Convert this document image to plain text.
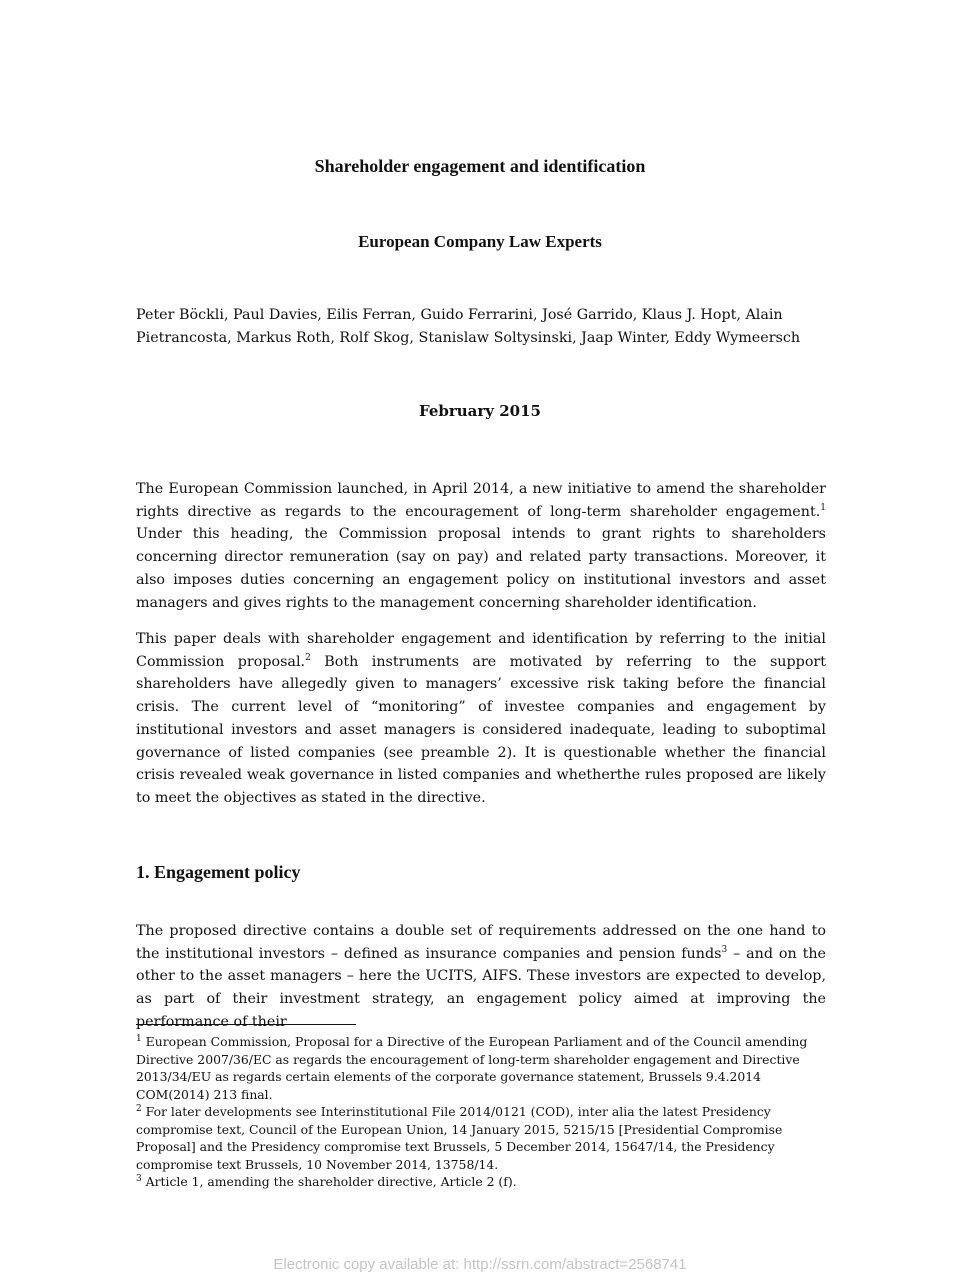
Shareholder engagement and identification
European Company Law Experts
Peter Böckli, Paul Davies, Eilis Ferran, Guido Ferrarini, José Garrido, Klaus J. Hopt, Alain Pietrancosta, Markus Roth, Rolf Skog, Stanislaw Soltysinski, Jaap Winter, Eddy Wymeersch
February 2015

The European Commission launched, in April 2014, a new initiative to amend the shareholder rights directive as regards to the encouragement of long-term shareholder engagement.$^1$ Under this heading, the Commission proposal intends to grant rights to shareholders concerning director remuneration (say on pay) and related party transactions. Moreover, it also imposes duties concerning an engagement policy on institutional investors and asset managers and gives rights to the management concerning shareholder identification.

This paper deals with shareholder engagement and identification by referring to the initial Commission proposal.$^2$ Both instruments are motivated by referring to the support shareholders have allegedly given to managers’ excessive risk taking before the financial crisis. The current level of “monitoring” of investee companies and engagement by institutional investors and asset managers is considered inadequate, leading to suboptimal governance of listed companies (see preamble 2). It is questionable whether the financial crisis revealed weak governance in listed companies and whetherthe rules proposed are likely to meet the objectives as stated in the directive.

1. Engagement policy

The proposed directive contains a double set of requirements addressed on the one hand to the institutional investors – defined as insurance companies and pension funds$^3$ – and on the other to the asset managers – here the UCITS, AIFS. These investors are expected to develop, as part of their investment strategy, an engagement policy aimed at improving the performance of their

$^1$ European Commission, Proposal for a Directive of the European Parliament and of the Council amending Directive 2007/36/EC as regards the encouragement of long-term shareholder engagement and Directive 2013/34/EU as regards certain elements of the corporate governance statement, Brussels 9.4.2014 COM(2014) 213 final.

$^2$ For later developments see Interinstitutional File 2014/0121 (COD), inter alia the latest Presidency compromise text, Council of the European Union, 14 January 2015, 5215/15 [Presidential Compromise Proposal] and the Presidency compromise text Brussels, 5 December 2014, 15647/14, the Presidency compromise text Brussels, 10 November 2014, 13758/14.

$^3$ Article 1, amending the shareholder directive, Article 2 (f).

Electronic copy available at: http://ssrn.com/abstract=2568741
